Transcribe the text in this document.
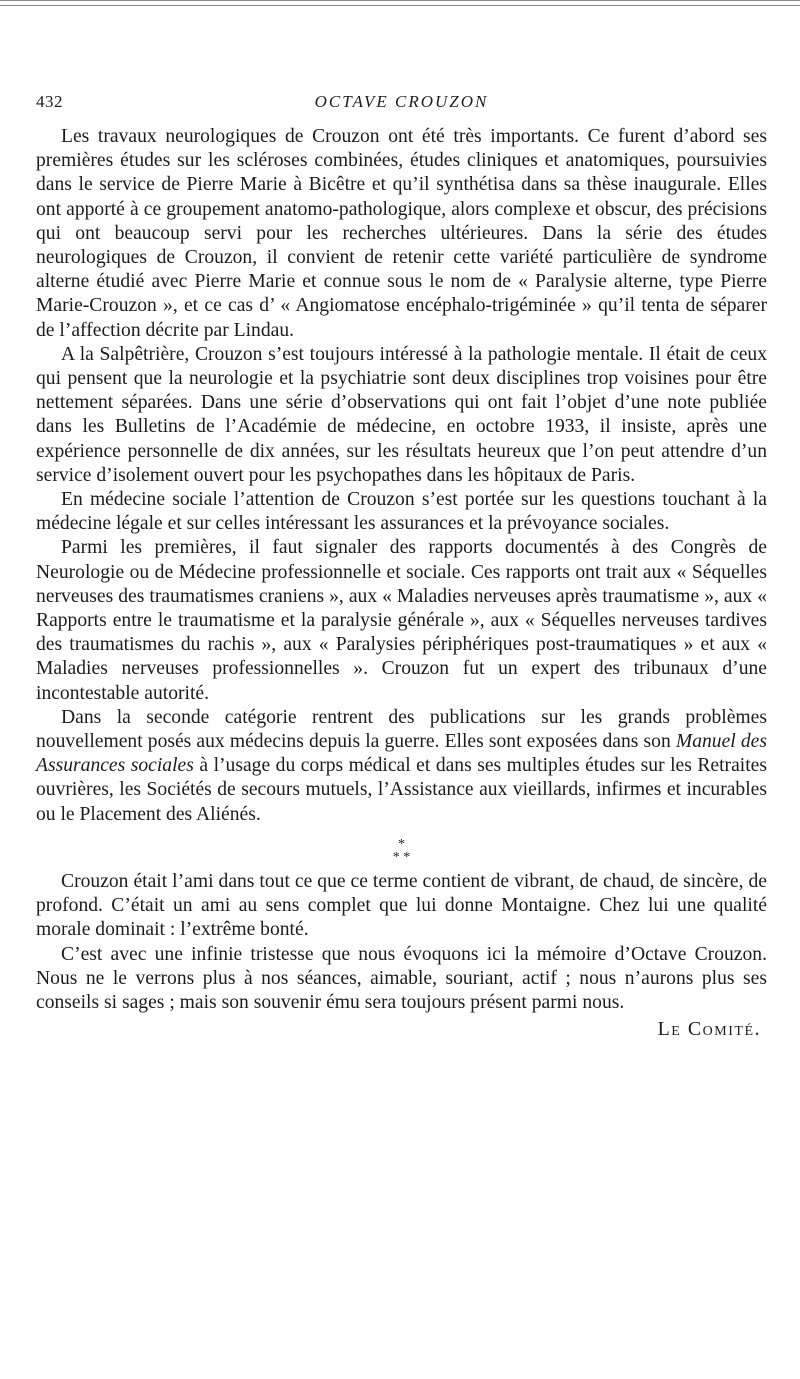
432	OCTAVE CROUZON

Les travaux neurologiques de Crouzon ont été très importants. Ce furent d’abord ses premières études sur les scléroses combinées, études cliniques et anatomiques, poursuivies dans le service de Pierre Marie à Bicêtre et qu’il synthétisa dans sa thèse inaugurale. Elles ont apporté à ce groupement anatomo-pathologique, alors complexe et obscur, des précisions qui ont beaucoup servi pour les recherches ultérieures. Dans la série des études neurologiques de Crouzon, il convient de retenir cette variété particulière de syndrome alterne étudié avec Pierre Marie et connue sous le nom de « Paralysie alterne, type Pierre Marie-Crouzon », et ce cas d’ « Angiomatose encéphalo-trigéminée » qu’il tenta de séparer de l’affection décrite par Lindau.

A la Salpêtrière, Crouzon s’est toujours intéressé à la pathologie mentale. Il était de ceux qui pensent que la neurologie et la psychiatrie sont deux disciplines trop voisines pour être nettement séparées. Dans une série d’observations qui ont fait l’objet d’une note publiée dans les Bulletins de l’Académie de médecine, en octobre 1933, il insiste, après une expérience personnelle de dix années, sur les résultats heureux que l’on peut attendre d’un service d’isolement ouvert pour les psychopathes dans les hôpitaux de Paris.

En médecine sociale l’attention de Crouzon s’est portée sur les questions touchant à la médecine légale et sur celles intéressant les assurances et la prévoyance sociales.

Parmi les premières, il faut signaler des rapports documentés à des Congrès de Neurologie ou de Médecine professionnelle et sociale. Ces rapports ont trait aux « Séquelles nerveuses des traumatismes craniens », aux « Maladies nerveuses après traumatisme », aux « Rapports entre le traumatisme et la paralysie générale », aux « Séquelles nerveuses tardives des traumatismes du rachis », aux « Paralysies périphériques post-traumatiques » et aux « Maladies nerveuses professionnelles ». Crouzon fut un expert des tribunaux d’une incontestable autorité.

Dans la seconde catégorie rentrent des publications sur les grands problèmes nouvellement posés aux médecins depuis la guerre. Elles sont exposées dans son Manuel des Assurances sociales à l’usage du corps médical et dans ses multiples études sur les Retraites ouvrières, les Sociétés de secours mutuels, l’Assistance aux vieillards, infirmes et incurables ou le Placement des Aliénés.

*
* *

Crouzon était l’ami dans tout ce que ce terme contient de vibrant, de chaud, de sincère, de profond. C’était un ami au sens complet que lui donne Montaigne. Chez lui une qualité morale dominait : l’extrême bonté.

C’est avec une infinie tristesse que nous évoquons ici la mémoire d’Octave Crouzon. Nous ne le verrons plus à nos séances, aimable, souriant, actif ; nous n’aurons plus ses conseils si sages ; mais son souvenir ému sera toujours présent parmi nous.

Le Comité.
